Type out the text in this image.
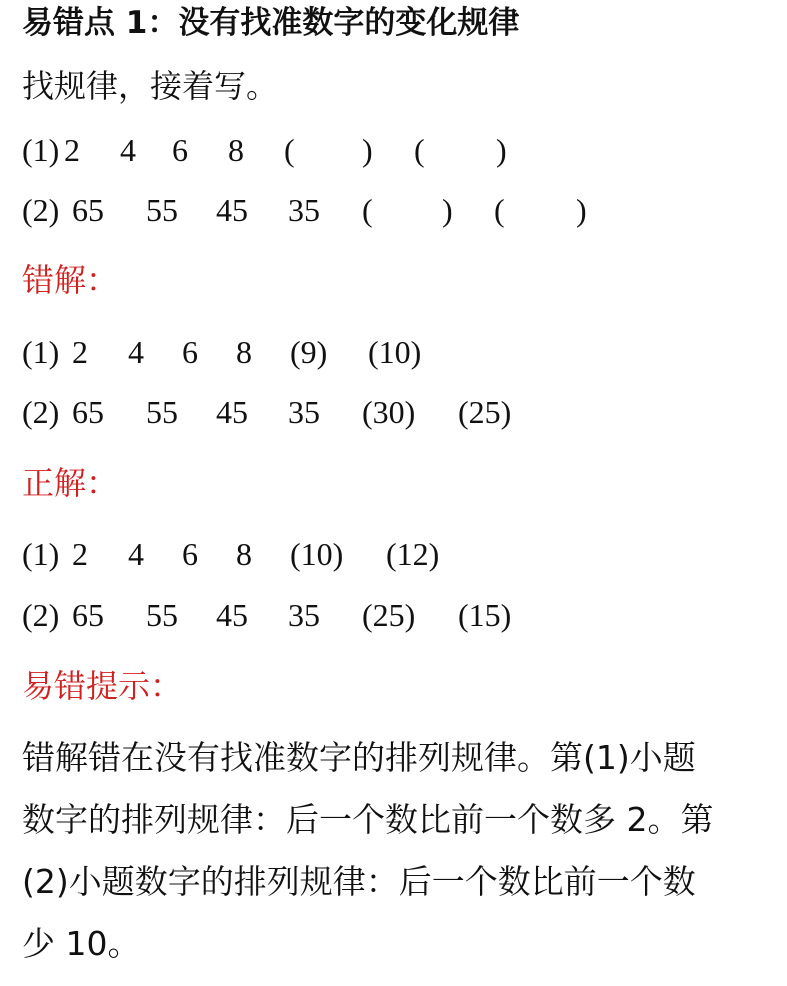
易错点 1：没有找准数字的变化规律
找规律，接着写。
(1) 2 4 6 8 ( ) ( )
(2) 65 55 45 35 ( ) ( )
错解：
(1) 2 4 6 8 (9) (10)
(2) 65 55 45 35 (30) (25)
正解：
(1) 2 4 6 8 (10) (12)
(2) 65 55 45 35 (25) (15)
易错提示：
错解错在没有找准数字的排列规律。第(1)小题
数字的排列规律：后一个数比前一个数多 2。第
(2)小题数字的排列规律：后一个数比前一个数
少 10。
